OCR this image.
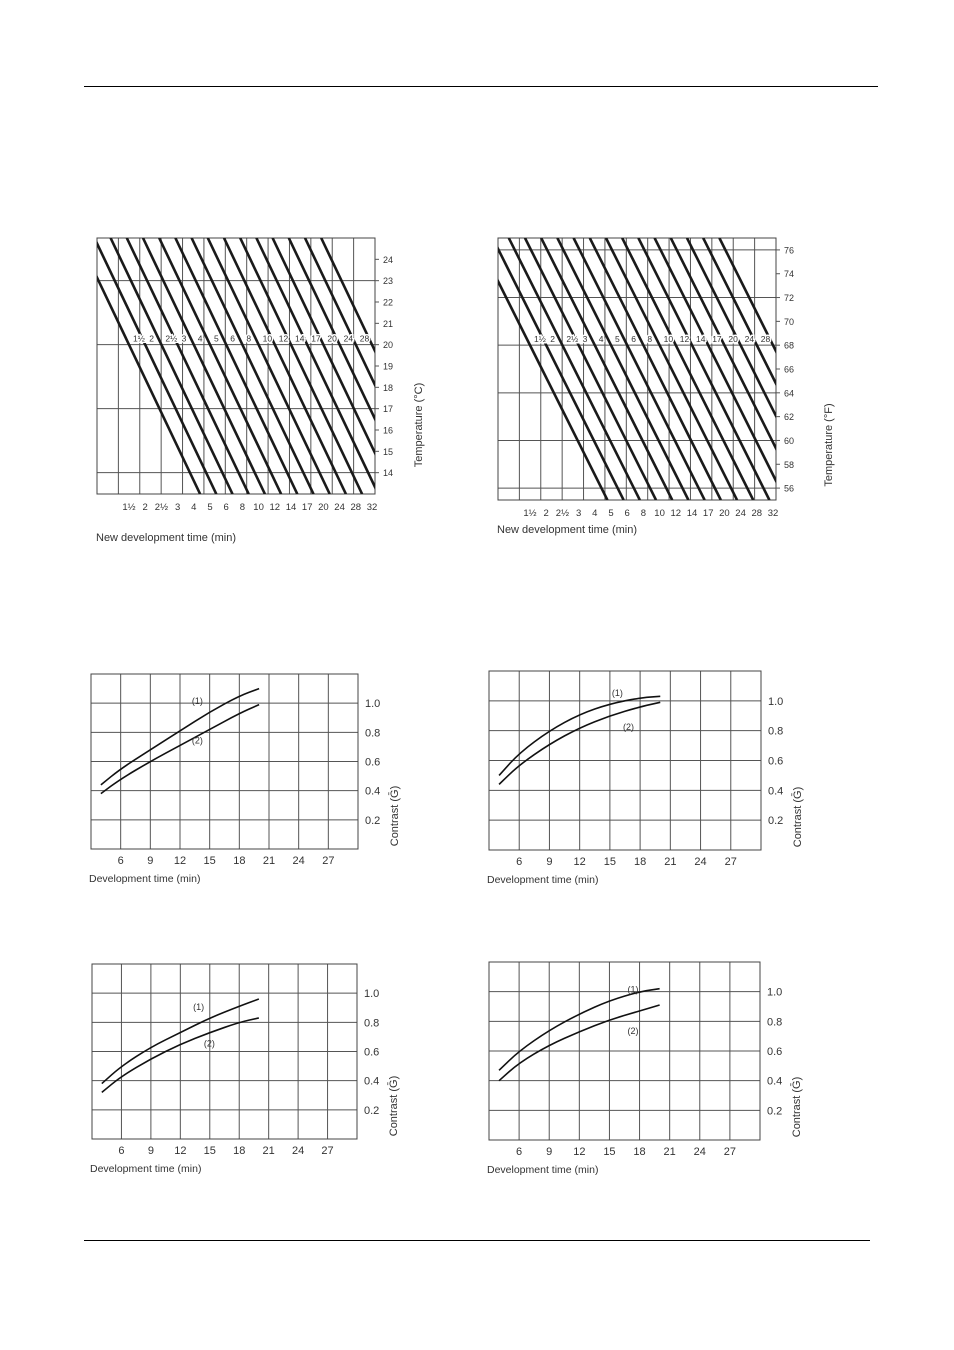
1½ 2 2½ 3 4 5 6 8 10 12 14 17 20 24 28
1½ 2 2½ 3 4 5 6 8 10 12 14 17 20 24 28 32
14
15
16
17
18
19
20
21
22
23
24
New development time (min)
Temperature (°C)
1½ 2 2½ 3 4 5 6 8 10 12 14 17 20 24 28
1½ 2 2½ 3 4 5 6 8 10 12 14 17 20 24 28 32
56
58
60
62
64
66
68
70
72
74
76
New development time (min)
Temperature (°F)
(1)
(2)
6 9 12 15 18 21 24 27
0.2
0.4
0.6
0.8
1.0
Development time (min)
Contrast (Ḡ)
(1)
(2)
6 9 12 15 18 21 24 27
0.2
0.4
0.6
0.8
1.0
Development time (min)
Contrast (Ḡ)
(1)
(2)
6 9 12 15 18 21 24 27
0.2
0.4
0.6
0.8
1.0
Development time (min)
Contrast (Ḡ)
(1)
(2)
6 9 12 15 18 21 24 27
0.2
0.4
0.6
0.8
1.0
Development time (min)
Contrast (Ḡ)
